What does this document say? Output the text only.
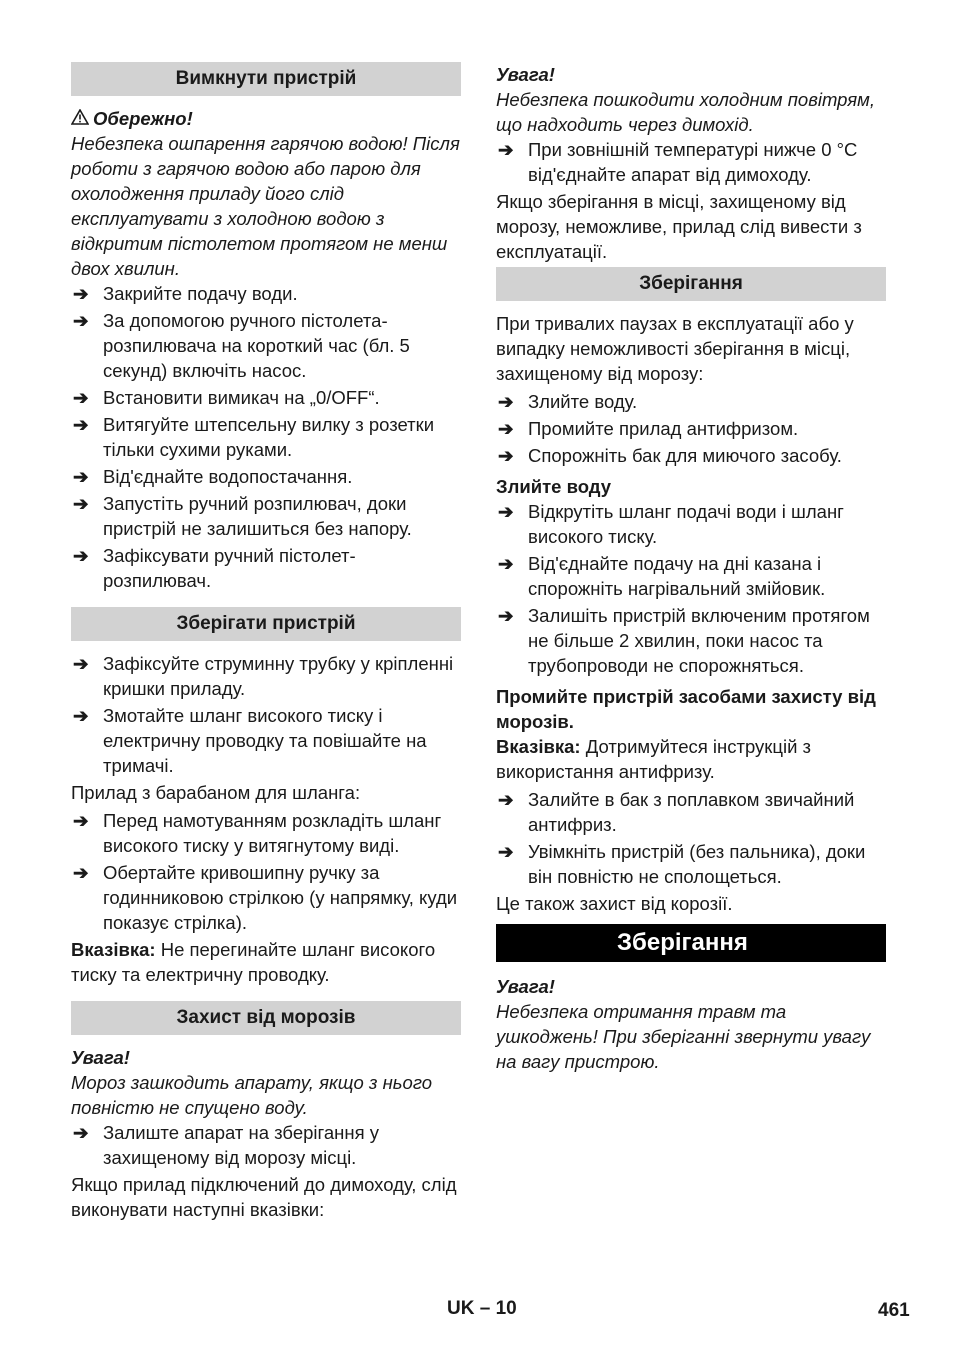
Вимкнути пристрій

Обережно!

Небезпека ошпарення гарячою водою! Після роботи з гарячою водою або парою для охолодження приладу його слід експлуатувати з холодною водою з відкритим пістолетом протягом не менш двох хвилин.

➔ Закрийте подачу води.
➔ За допомогою ручного пістолета-розпилювача на короткий час (бл. 5 секунд) включіть насос.
➔ Встановити вимикач на „0/OFF“.
➔ Витягуйте штепсельну вилку з розетки тільки сухими руками.
➔ Від'єднайте водопостачання.
➔ Запустіть ручний розпилювач, доки пристрій не залишиться без напору.
➔ Зафіксувати ручний пістолет-розпилювач.
Зберігати пристрій
➔ Зафіксуйте струминну трубку у кріпленні кришки приладу.
➔ Змотайте шланг високого тиску і електричну проводку та повішайте на тримачі.

Прилад з барабаном для шланга:

➔ Перед намотуванням розкладіть шланг високого тиску у витягнутому виді.
➔ Обертайте кривошипну ручку за годинниковою стрілкою (у напрямку, куди показує стрілка).

Вказівка: Не перегинайте шланг високого тиску та електричну проводку.

Захист від морозів

Увага!

Мороз зашкодить апарату, якщо з нього повністю не спущено воду.

➔ Залиште апарат на зберігання у захищеному від морозу місці.

Якщо прилад підключений до димоходу, слід виконувати наступні вказівки:

Увага!

Небезпека пошкодити холодним повітрям, що надходить через димохід.

➔ При зовнішній температурі нижче 0 °C від'єднайте апарат від димоходу.

Якщо зберігання в місці, захищеному від морозу, неможливе, прилад слід вивести з експлуатації.

Зберігання

При тривалих паузах в експлуатації або у випадку неможливості зберігання в місці, захищеному від морозу:

➔ Злийте воду.
➔ Промийте прилад антифризом.
➔ Спорожніть бак для миючого засобу.

Злийте воду

➔ Відкрутіть шланг подачі води і шланг високого тиску.
➔ Від'єднайте подачу на дні казана і спорожніть нагрівальний змійовик.
➔ Залишіть пристрій включеним протягом не більше 2 хвилин, поки насос та трубопроводи не спорожняться.

Промийте пристрій засобами захисту від морозів.

Вказівка: Дотримуйтеся інструкцій з використання антифризу.

➔ Залийте в бак з поплавком звичайний антифриз.
➔ Увімкніть пристрій (без пальника), доки він повністю не сполощеться.

Це також захист від корозії.

Зберігання

Увага!

Небезпека отримання травм та ушкоджень! При зберіганні звернути увагу на вагу пристрою.

UK – 10	461
